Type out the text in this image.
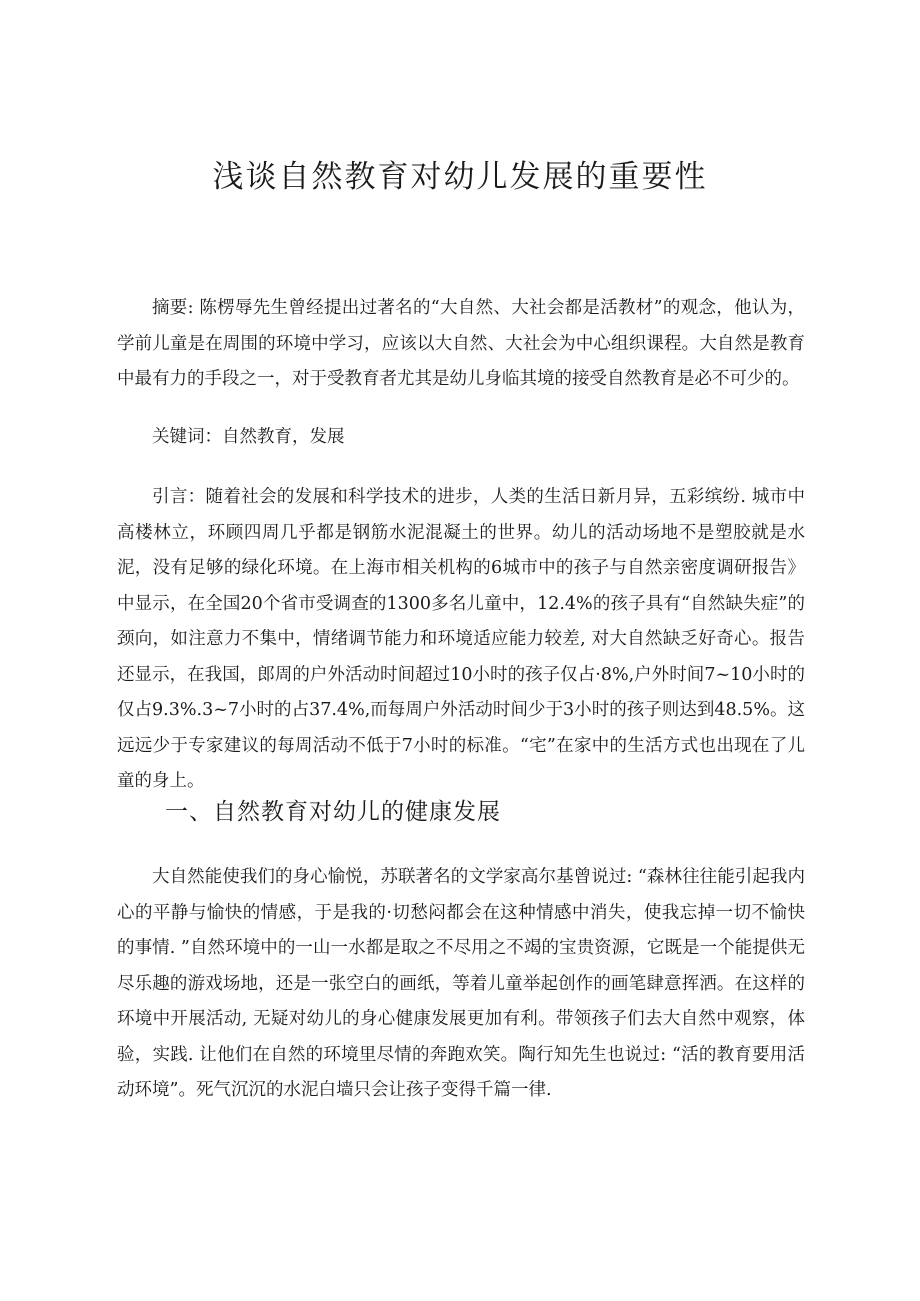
浅谈自然教育对幼儿发展的重要性

摘要: 陈楞辱先生曾经提出过著名的“大自然、大社会都是活教材”的观念，他认为，学前儿童是在周围的环境中学习，应该以大自然、大社会为中心组织课程。大自然是教育中最有力的手段之一，对于受教育者尤其是幼儿身临其境的接受自然教育是必不可少的。

关键词：自然教育，发展

引言：随着社会的发展和科学技术的进步，人类的生活日新月异，五彩缤纷. 城市中高楼林立，环顾四周几乎都是钢筋水泥混凝土的世界。幼儿的活动场地不是塑胶就是水泥，没有足够的绿化环境。在上海市相关机构的6城市中的孩子与自然亲密度调研报告》中显示，在全国20个省市受调查的1300多名儿童中，12.4%的孩子具有“自然缺失症”的颈向，如注意力不集中，情绪调节能力和环境适应能力较差, 对大自然缺乏好奇心。报告还显示，在我国，郎周的户外活动时间超过10小时的孩子仅占·8%,户外时间7~10小时的仅占9.3%.3~7小时的占37.4%,而每周户外活动时间少于3小时的孩子则达到48.5%。这远远少于专家建议的每周活动不低于7小时的标准。“宅”在家中的生活方式也出现在了儿童的身上。

一、自然教育对幼儿的健康发展

大自然能使我们的身心愉悦，苏联著名的文学家高尔基曾说过: “森林往往能引起我内心的平静与愉快的情感，于是我的·切愁闷都会在这种情感中消失，使我忘掉一切不愉快的事情. ”自然环境中的一山一水都是取之不尽用之不竭的宝贵资源，它既是一个能提供无尽乐趣的游戏场地，还是一张空白的画纸，等着儿童举起创作的画笔肆意挥洒。在这样的环境中开展活动, 无疑对幼儿的身心健康发展更加有利。带领孩子们去大自然中观察，体验，实践. 让他们在自然的环境里尽情的奔跑欢笑。陶行知先生也说过: “活的教育要用活动环境”。死气沉沉的水泥白墙只会让孩子变得千篇一律.
